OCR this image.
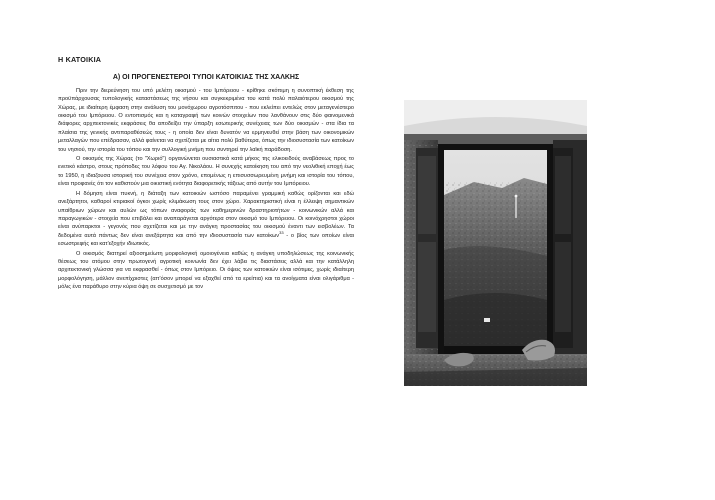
Η ΚΑΤΟΙΚΙΑ
Α) ΟΙ ΠΡΟΓΕΝΕΣΤΕΡΟΙ ΤΥΠΟΙ ΚΑΤΟΙΚΙΑΣ ΤΗΣ ΧΑΛΚΗΣ

Πριν την διερεύνηση του υπό μελέτη οικισμού - του Ιμπόρειου - κρίθηκε σκόπιμη η συνοπτική έκθεση της προϋπάρχουσας τυπολογικής καταστάσεως της νήσου και συγκεκριμένα του κατά πολύ παλαιότερου οικισμού της Χώρας, με ιδιαίτερη έμφαση στην ανάλυση του μονόχωρου αγροτόσπιτου - που εκλείπει εντελώς στον μεταγενέστερο οικισμό του Ιμπόρειου. Ο εντοπισμός και η καταγραφή των κοινών στοιχείων που λανθάνουν στις δύο φαινομενικά διάφορες αρχιτεκτονικές εκφράσεις θα αποδείξει την ύπαρξη εσωτερικής συνέχειας των δύο οικισμών - στα ίδια τα πλαίσια της γενικής αντιπαραθέσεώς τους - η οποία δεν είναι δυνατόν να ερμηνευθεί στην βάση των οικονομικών μεταλλαγών που επέδρασαν, αλλά φαίνεται να σχετίζεται με αίτια πολύ βαθύτερα, όπως την ιδιοσυστασία των κατοίκων του νησιού, την ιστορία του τόπου και την συλλογική μνήμη που συντηρεί την λαϊκή παράδοση.

Ο οικισμός της Χώρας (το "Χωριό") οργανώνεται ουσιαστικά κατά μήκος της ελικοειδούς αναβάσεως προς το ενετικό κάστρο, στους πρόποδες του λόφου του Αγ. Νικολάου. Η συνεχής κατοίκηση του από την νεολιθική εποχή έως το 1950, η ιδιαζουσα ιστορική του συνέχεια στον χρόνο, επομένως η επισυσσωρευμένη μνήμη και ιστορία του τόπου, είναι προφανές ότι τον καθιστούν μια οικιστική ενότητα διαφορετικής τάξεως από αυτήν του Ιμπόρειου.

Η δόμηση είναι πυκνή, η διάταξη των κατοικιών ωστόσο παραμένει γραμμική καθώς ορίζονται και εδώ ανεξάρτητοι, καθαροί κτιριακοί όγκοι χωρίς κλιμάκωση τους στον χώρο. Χαρακτηριστική είναι η έλλειψη σημαντικών υπαίθριων χώρων και αυλών ως τόπων αναφοράς των καθημερινών δραστηριοτήτων - κοινωνικών αλλά και παραγωγικών - στοιχεία που επιβάλει και αναπαράγεται αργότερα στον οικισμό του Ιμπόρειου. Οι κοινόχρηστοι χώροι είναι ανύπαρκτοι - γεγονός που σχετίζεται και με την ανάγκη προστασίας του οικισμού έναντι των εισβολέων. Τα δεδομένα αυτά πάντως δεν είναι ανεξάρτητα και από την ιδιοσυστασία των κατοίκων$^{33}$ - ο βίος των οποίων είναι εσωστρεφής και κατ'εξοχήν ιδιωτικός.

Ο οικισμός διατηρεί αξιοσημείωτη μορφολογική ομοιογένεια καθώς η ανάγκη υποδηλώσεως της κοινωνικής θέσεως του ατόμου στην πρωτογενή αγροτική κοινωνία δεν έχει λάβει τις διαστάσεις αλλά και την κατάλληλη αρχιτεκτονική γλώσσα για να εκφρασθεί - όπως στον Ιμπόρειο. Οι όψεις των κατοικιών είναι ισότιμες, χωρίς ιδιαίτερη μορφολόγηση, μάλλον ανεπίχριστες (απ'όσον μπορεί να εξαχθεί από τα ερείπια) και τα ανοίγματα είναι ολιγάριθμα - μόλις ένα παράθυρο στην κύρια όψη σε συσχετισμό με τον
